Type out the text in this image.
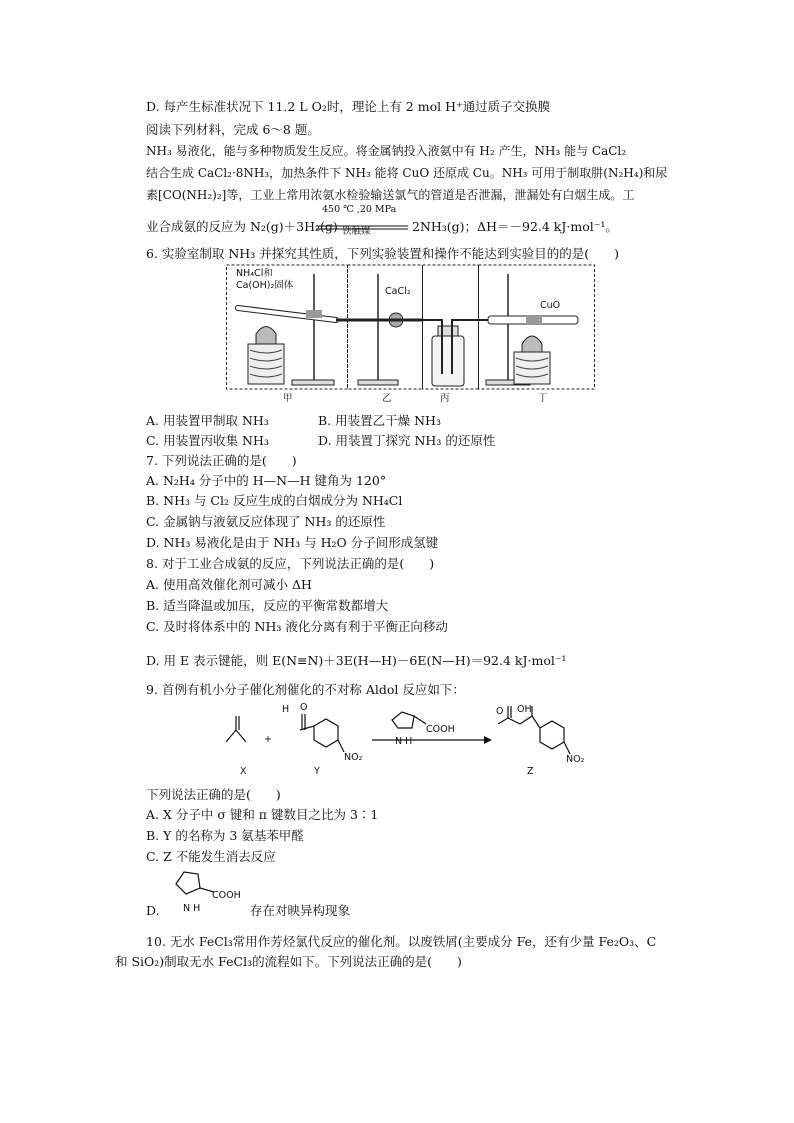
D. 每产生标准状况下 11.2 L O₂时，理论上有 2 mol H⁺通过质子交换膜
阅读下列材料，完成 6～8 题。
NH₃ 易液化，能与多种物质发生反应。将金属钠投入液氨中有 H₂ 产生，NH₃ 能与 CaCl₂
结合生成 CaCl₂·8NH₃，加热条件下 NH₃ 能将 CuO 还原成 Cu。NH₃ 可用于制取肼(N₂H₄)和尿
素[CO(NH₂)₂]等，工业上常用浓氨水检验输送氯气的管道是否泄漏，泄漏处有白烟生成。工
业合成氨的反应为 N₂(g)＋3H₂(g)
450 ℃ ,20 MPa
铁触媒	2NH₃(g)；ΔH＝－92.4 kJ·mol⁻¹。
6. 实验室制取 NH₃ 并探究其性质，下列实验装置和操作不能达到实验目的的是(　　)
NH₄Cl和
Ca(OH)₂固体
CaCl₂
CuO
甲	乙	丙	丁
A. 用装置甲制取 NH₃	B. 用装置乙干燥 NH₃
C. 用装置丙收集 NH₃	D. 用装置丁探究 NH₃ 的还原性
7. 下列说法正确的是(　　)
A. N₂H₄ 分子中的 H—N—H 键角为 120°
B. NH₃ 与 Cl₂ 反应生成的白烟成分为 NH₄Cl
C. 金属钠与液氨反应体现了 NH₃ 的还原性
D. NH₃ 易液化是由于 NH₃ 与 H₂O 分子间形成氢键
8. 对于工业合成氨的反应，下列说法正确的是(　　)
A. 使用高效催化剂可减小 ΔH
B. 适当降温或加压，反应的平衡常数都增大
C. 及时将体系中的 NH₃ 液化分离有利于平衡正向移动
D. 用 E 表示键能，则 E(N≡N)＋3E(H—H)－6E(N—H)＝92.4 kJ·mol⁻¹
9. 首例有机小分子催化剂催化的不对称 Aldol 反应如下：
H O
+
NO₂
COOH
N H
O OH
NO₂
X	Y	Z
下列说法正确的是(　　)
A. X 分子中 σ 键和 π 键数目之比为 3∶1
B. Y 的名称为 3 氨基苯甲醛
C. Z 不能发生消去反应
D.
COOH
N H	存在对映异构现象
10. 无水 FeCl₃常用作芳烃氯代反应的催化剂。以废铁屑(主要成分 Fe，还有少量 Fe₂O₃、C
和 SiO₂)制取无水 FeCl₃的流程如下。下列说法正确的是(　　)
